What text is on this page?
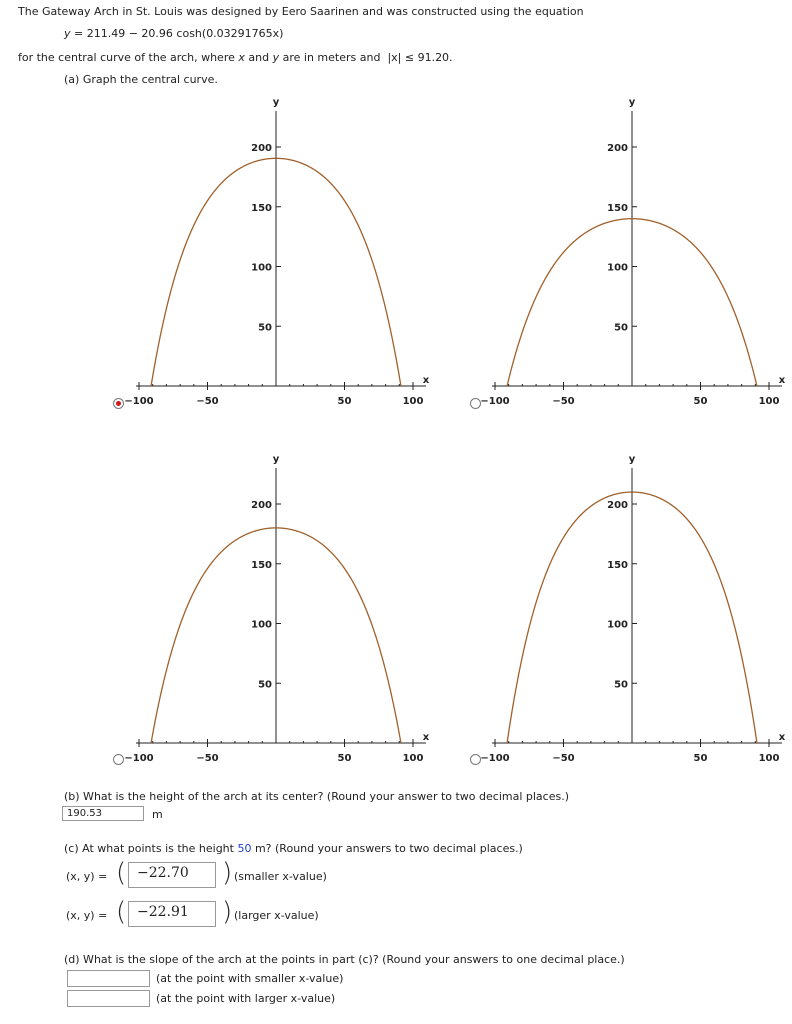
The Gateway Arch in St. Louis was designed by Eero Saarinen and was constructed using the equation
y = 211.49 − 20.96 cosh(0.03291765x)
for the central curve of the arch, where x and y are in meters and |x| ≤ 91.20.
(a) Graph the central curve.
−100	−50	50	100
x
200
150
100
50
y
−100	−50	50	100
x
200
150
100
50
y
−100	−50	50	100
x
200
150
100
50
y
−100	−50	50	100
x
200
150
100
50
y
(b) What is the height of the arch at its center? (Round your answer to two decimal places.)
190.53	m
(c) At what points is the height 50 m? (Round your answers to two decimal places.)
(x, y) = ( −22.70	) (smaller x-value)
(x, y) = ( −22.91	) (larger x-value)
(d) What is the slope of the arch at the points in part (c)? (Round your answers to one decimal place.)
(at the point with smaller x-value)
(at the point with larger x-value)
